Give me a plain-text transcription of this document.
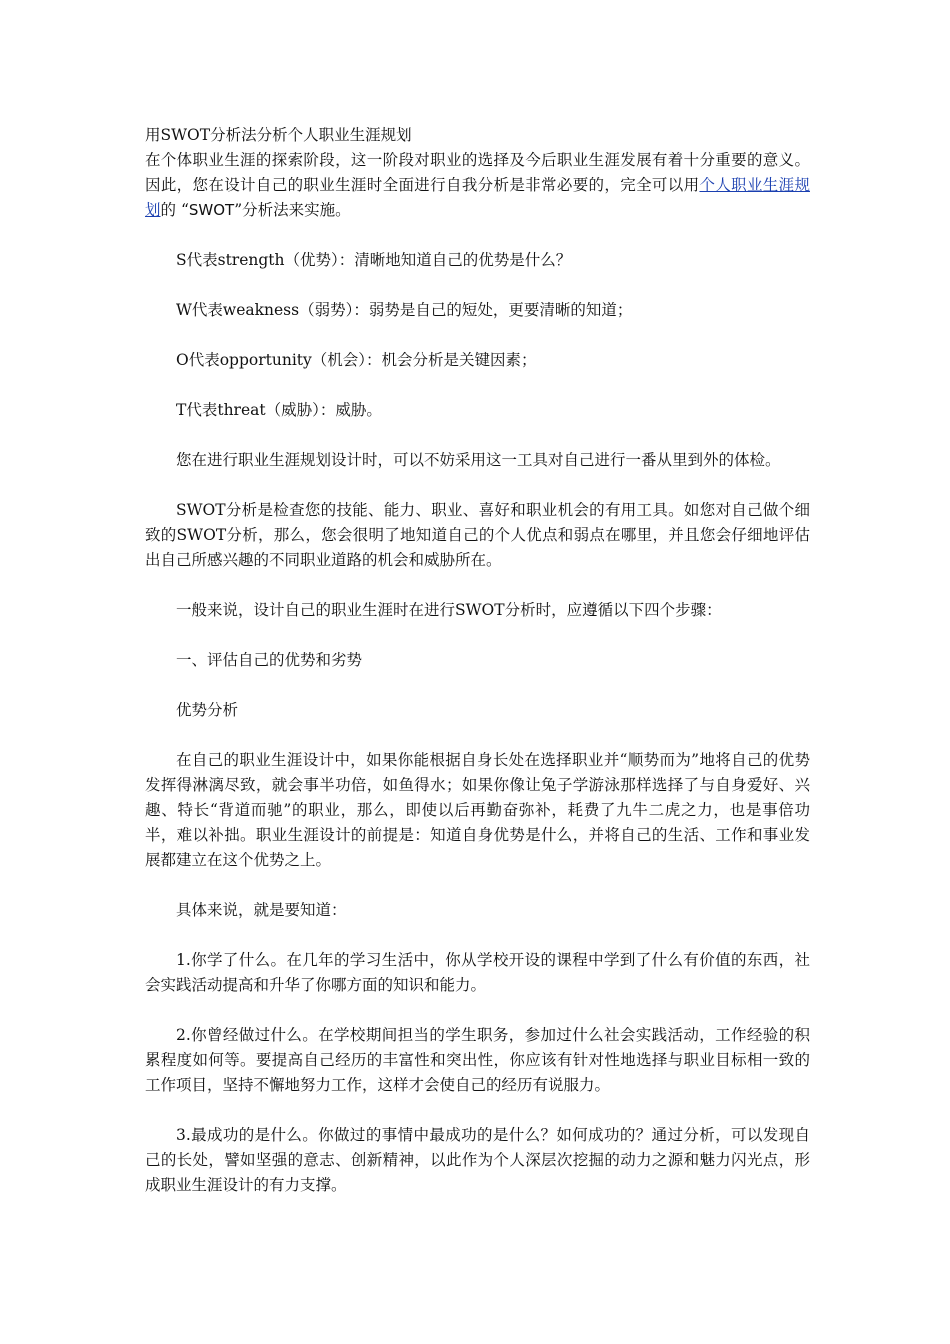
用SWOT分析法分析个人职业生涯规划

在个体职业生涯的探索阶段，这一阶段对职业的选择及今后职业生涯发展有着十分重要的意义。因此，您在设计自己的职业生涯时全面进行自我分析是非常必要的，完全可以用个人职业生涯规划的 “SWOT”分析法来实施。

S代表strength（优势）：清晰地知道自己的优势是什么？

W代表weakness（弱势）：弱势是自己的短处，更要清晰的知道；

O代表opportunity（机会）：机会分析是关键因素；

T代表threat（威胁）：威胁。

您在进行职业生涯规划设计时，可以不妨采用这一工具对自己进行一番从里到外的体检。

SWOT分析是检查您的技能、能力、职业、喜好和职业机会的有用工具。如您对自己做个细致的SWOT分析，那么，您会很明了地知道自己的个人优点和弱点在哪里，并且您会仔细地评估出自己所感兴趣的不同职业道路的机会和威胁所在。

一般来说，设计自己的职业生涯时在进行SWOT分析时，应遵循以下四个步骤：

一、评估自己的优势和劣势

优势分析

在自己的职业生涯设计中，如果你能根据自身长处在选择职业并“顺势而为”地将自己的优势发挥得淋漓尽致，就会事半功倍，如鱼得水；如果你像让兔子学游泳那样选择了与自身爱好、兴趣、特长“背道而驰”的职业，那么，即使以后再勤奋弥补，耗费了九牛二虎之力，也是事倍功半，难以补拙。职业生涯设计的前提是：知道自身优势是什么，并将自己的生活、工作和事业发展都建立在这个优势之上。

具体来说，就是要知道：

1.你学了什么。在几年的学习生活中，你从学校开设的课程中学到了什么有价值的东西，社会实践活动提高和升华了你哪方面的知识和能力。

2.你曾经做过什么。在学校期间担当的学生职务，参加过什么社会实践活动，工作经验的积累程度如何等。要提高自己经历的丰富性和突出性，你应该有针对性地选择与职业目标相一致的工作项目，坚持不懈地努力工作，这样才会使自己的经历有说服力。

3.最成功的是什么。你做过的事情中最成功的是什么？如何成功的？通过分析，可以发现自己的长处，譬如坚强的意志、创新精神，以此作为个人深层次挖掘的动力之源和魅力闪光点，形成职业生涯设计的有力支撑。
